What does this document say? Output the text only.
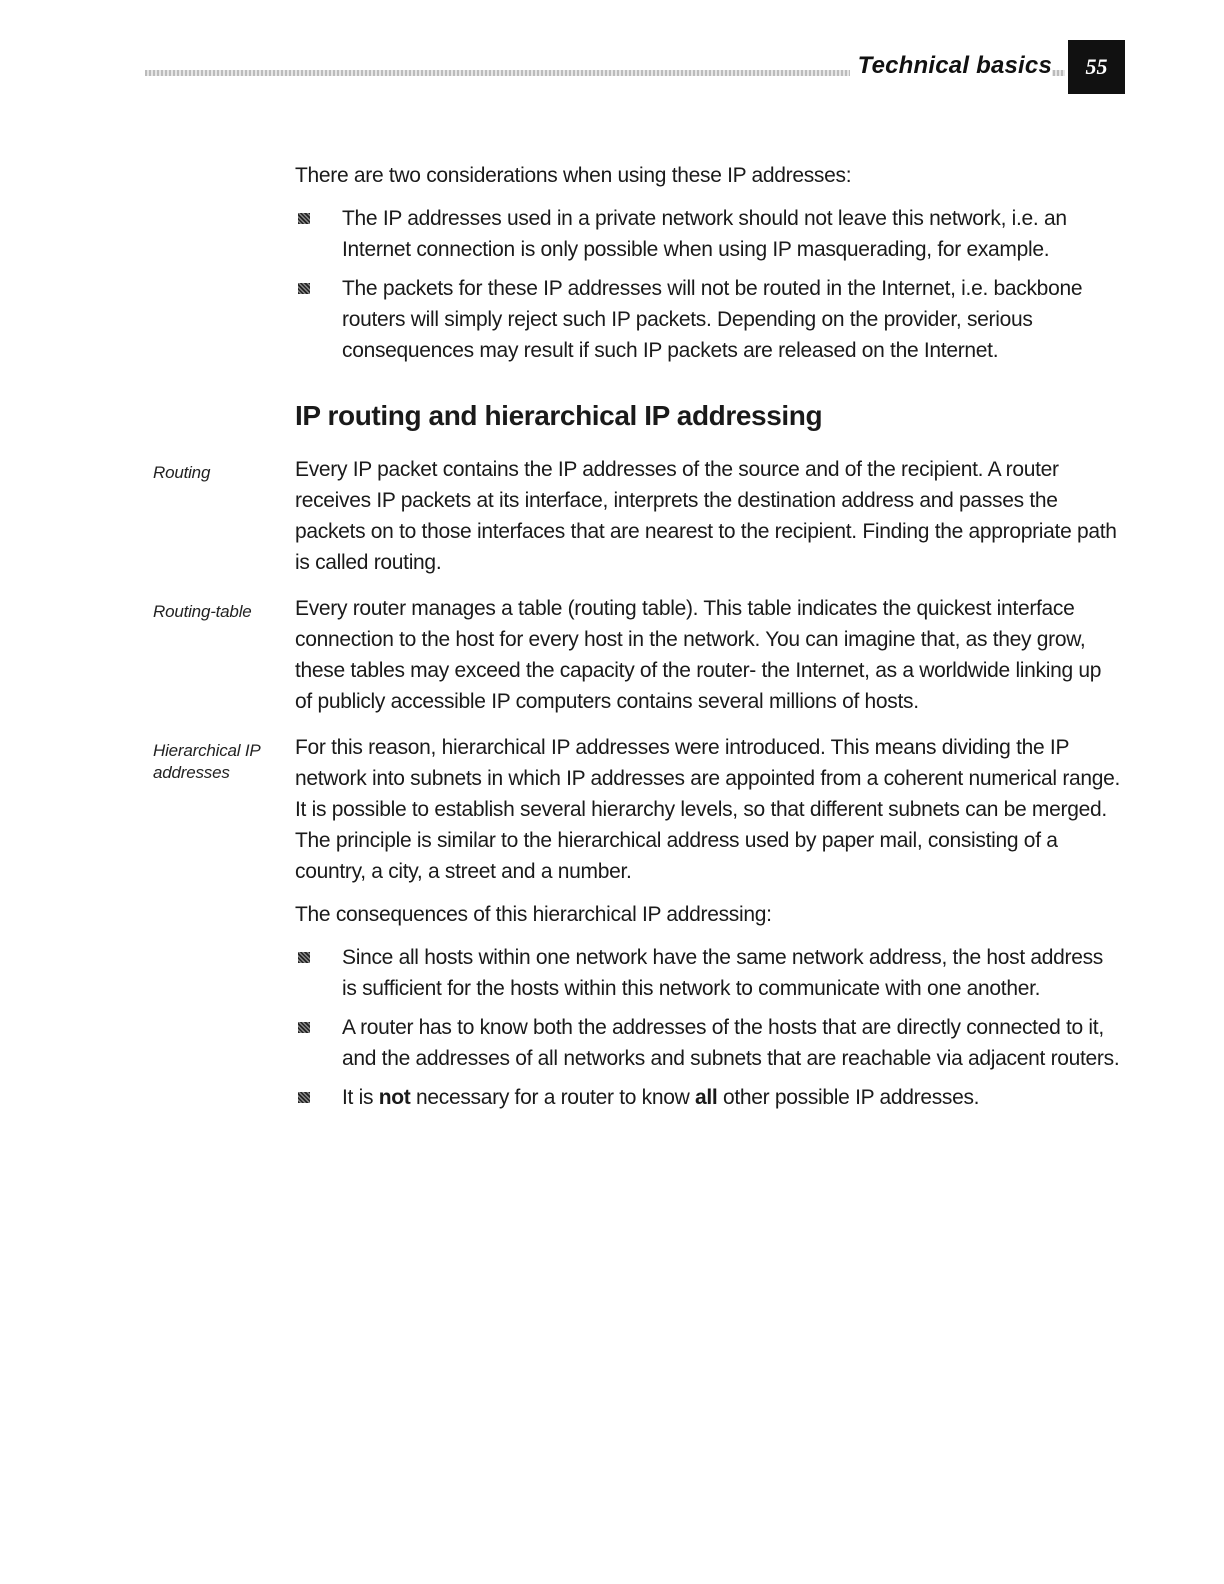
Technical basics	55

There are two considerations when using these IP addresses:

The IP addresses used in a private network should not leave this network, i.e. an Internet connection is only possible when using IP masquerading, for example.
The packets for these IP addresses will not be routed in the Internet, i.e. backbone routers will simply reject such IP packets. Depending on the provider, serious consequences may result if such IP packets are released on the Internet.
IP routing and hierarchical IP addressing
Routing	Every IP packet contains the IP addresses of the source and of the recipient. A router receives IP packets at its interface, interprets the destination address and passes the packets on to those interfaces that are nearest to the recipient. Finding the appropriate path is called routing.

Routing-table	Every router manages a table (routing table). This table indicates the quickest interface connection to the host for every host in the network. You can imagine that, as they grow, these tables may exceed the capacity of the router- the Internet, as a worldwide linking up of publicly accessible IP computers contains several millions of hosts.

Hierarchical IP addresses

For this reason, hierarchical IP addresses were introduced. This means dividing the IP network into subnets in which IP addresses are appointed from a coherent numerical range. It is possible to establish several hierarchy levels, so that different subnets can be merged. The principle is similar to the hierarchical address used by paper mail, consisting of a country, a city, a street and a number.

The consequences of this hierarchical IP addressing:

Since all hosts within one network have the same network address, the host address is sufficient for the hosts within this network to communicate with one another.
A router has to know both the addresses of the hosts that are directly connected to it, and the addresses of all networks and subnets that are reachable via adjacent routers.
It is not necessary for a router to know all other possible IP addresses.
